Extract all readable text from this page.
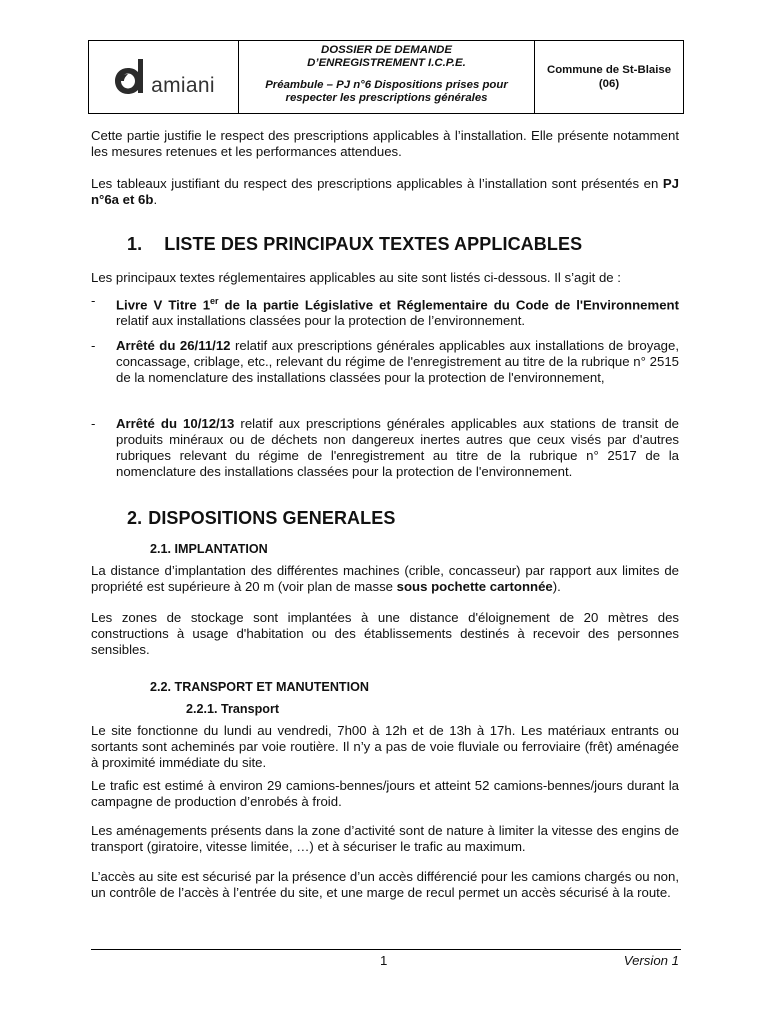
amiani
DOSSIER DE DEMANDE
D’ENREGISTREMENT I.C.P.E.
Préambule – PJ n°6 Dispositions prises pour
respecter les prescriptions générales
Commune de St-Blaise
(06)
Cette partie justifie le respect des prescriptions applicables à l’installation. Elle présente notamment les mesures retenues et les performances attendues.
Les tableaux justifiant du respect des prescriptions applicables à l’installation sont présentés en PJ n°6a et 6b.
1. LISTE DES PRINCIPAUX TEXTES APPLICABLES
Les principaux textes réglementaires applicables au site sont listés ci-dessous. Il s’agit de :
- Livre V Titre 1er de la partie Législative et Réglementaire du Code de l'Environnement relatif aux installations classées pour la protection de l’environnement.
- Arrêté du 26/11/12 relatif aux prescriptions générales applicables aux installations de broyage, concassage, criblage, etc., relevant du régime de l'enregistrement au titre de la rubrique n° 2515 de la nomenclature des installations classées pour la protection de l'environnement,
- Arrêté du 10/12/13 relatif aux prescriptions générales applicables aux stations de transit de produits minéraux ou de déchets non dangereux inertes autres que ceux visés par d'autres rubriques relevant du régime de l'enregistrement au titre de la rubrique n° 2517 de la nomenclature des installations classées pour la protection de l'environnement.
2. DISPOSITIONS GENERALES
2.1. IMPLANTATION
La distance d’implantation des différentes machines (crible, concasseur) par rapport aux limites de propriété est supérieure à 20 m (voir plan de masse sous pochette cartonnée).
Les zones de stockage sont implantées à une distance d'éloignement de 20 mètres des constructions à usage d'habitation ou des établissements destinés à recevoir des personnes sensibles.
2.2. TRANSPORT ET MANUTENTION
2.2.1. Transport
Le site fonctionne du lundi au vendredi, 7h00 à 12h et de 13h à 17h. Les matériaux entrants ou sortants sont acheminés par voie routière. Il n’y a pas de voie fluviale ou ferroviaire (frêt) aménagée à proximité immédiate du site.
Le trafic est estimé à environ 29 camions-bennes/jours et atteint 52 camions-bennes/jours durant la campagne de production d’enrobés à froid.
Les aménagements présents dans la zone d’activité sont de nature à limiter la vitesse des engins de transport (giratoire, vitesse limitée, …) et à sécuriser le trafic au maximum.
L’accès au site est sécurisé par la présence d’un accès différencié pour les camions chargés ou non, un contrôle de l’accès à l’entrée du site, et une marge de recul permet un accès sécurisé à la route.
1	Version 1
